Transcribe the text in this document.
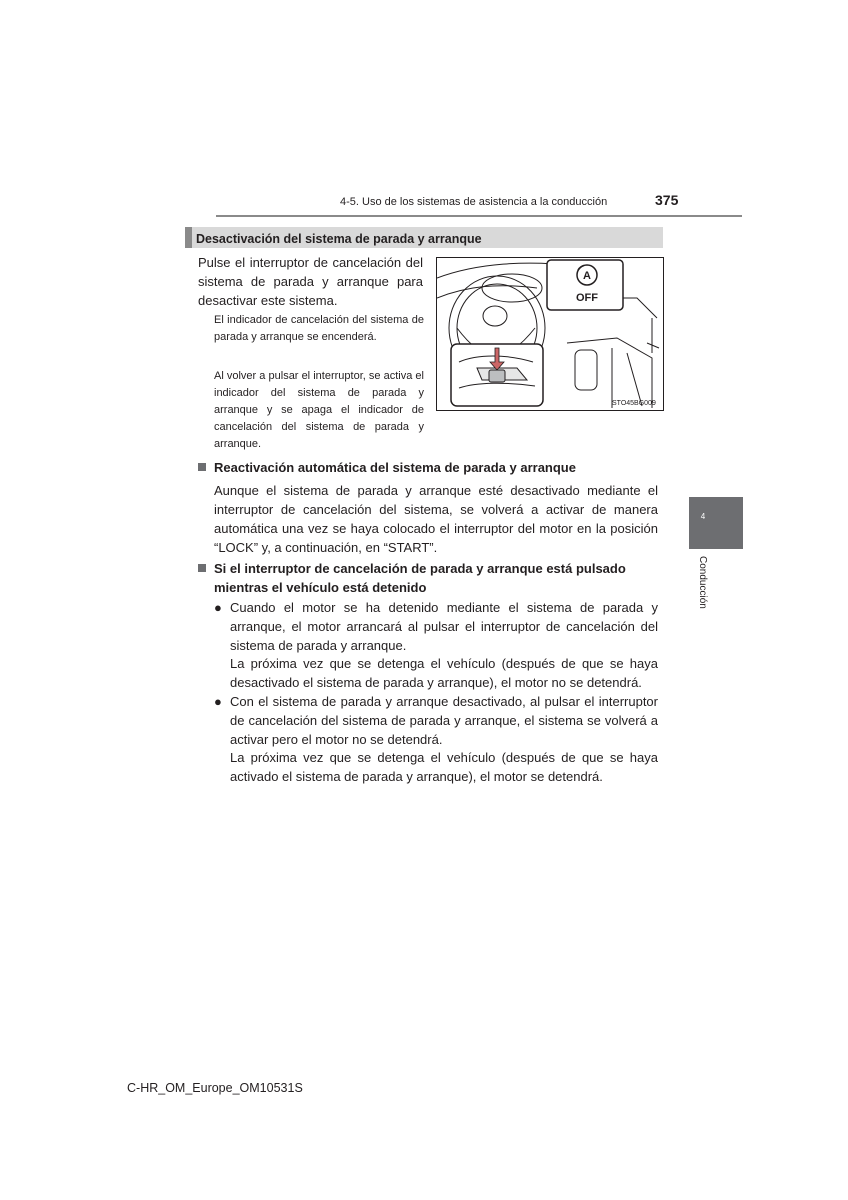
4-5. Uso de los sistemas de asistencia a la conducción	375
Desactivación del sistema de parada y arranque
Pulse el interruptor de cancelación del sistema de parada y arranque para desactivar este sistema.
El indicador de cancelación del sistema de parada y arranque se encenderá.
Al volver a pulsar el interruptor, se activa el indicador del sistema de parada y arranque y se apaga el indicador de cancelación del sistema de parada y arranque.
A
OFF
STO45BG009
Reactivación automática del sistema de parada y arranque
Aunque el sistema de parada y arranque esté desactivado mediante el interruptor de cancelación del sistema, se volverá a activar de manera automática una vez se haya colocado el interruptor del motor en la posición “LOCK” y, a continuación, en “START”.
Si el interruptor de cancelación de parada y arranque está pulsado
mientras el vehículo está detenido
● Cuando el motor se ha detenido mediante el sistema de parada y arranque, el motor arrancará al pulsar el interruptor de cancelación del sistema de parada y arranque.
La próxima vez que se detenga el vehículo (después de que se haya desactivado el sistema de parada y arranque), el motor no se detendrá.
● Con el sistema de parada y arranque desactivado, al pulsar el interruptor de cancelación del sistema de parada y arranque, el sistema se volverá a activar pero el motor no se detendrá.
La próxima vez que se detenga el vehículo (después de que se haya activado el sistema de parada y arranque), el motor se detendrá.
4
Conducción
C-HR_OM_Europe_OM10531S
